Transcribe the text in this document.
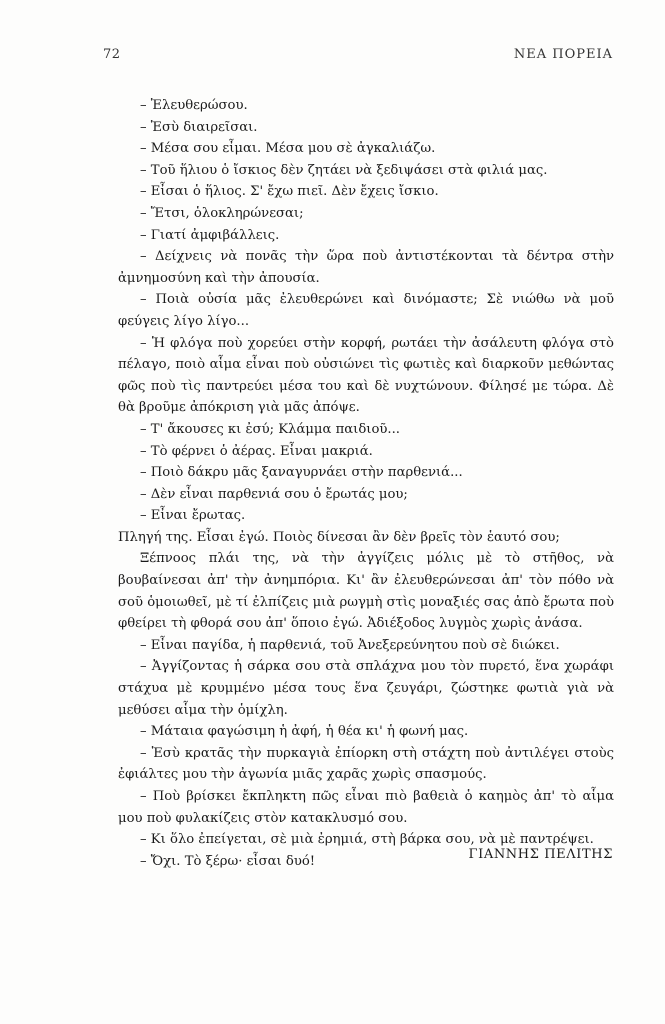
72	ΝΕΑ ΠΟΡΕΙΑ

– Ἐλευθερώσου.

– Ἐσὺ διαιρεῖσαι.

– Μέσα σου εἶμαι. Μέσα μου σὲ ἀγκαλιάζω.

– Τοῦ ἥλιου ὁ ἴσκιος δὲν ζητάει νὰ ξεδιψάσει στὰ φιλιά μας.

– Εἶσαι ὁ ἥλιος. Σ' ἔχω πιεῖ. Δὲν ἔχεις ἴσκιο.

– Ἔτσι, ὁλοκληρώνεσαι;

– Γιατί ἀμφιβάλλεις.

– Δείχνεις νὰ πονᾶς τὴν ὥρα ποὺ ἀντιστέκονται τὰ δέντρα στὴν ἀμνημοσύνη καὶ τὴν ἀπουσία.

– Ποιὰ οὐσία μᾶς ἐλευθερώνει καὶ δινόμαστε; Σὲ νιώθω νὰ μοῦ φεύγεις λίγο λίγο...

– Ἡ φλόγα ποὺ χορεύει στὴν κορφή, ρωτάει τὴν ἀσάλευτη φλόγα στὸ πέλαγο, ποιὸ αἷμα εἶναι ποὺ οὐσιώνει τὶς φωτιὲς καὶ διαρκοῦν μεθώντας φῶς ποὺ τὶς παντρεύει μέσα του καὶ δὲ νυχτώνουν. Φίλησέ με τώρα. Δὲ θὰ βροῦμε ἀπόκριση γιὰ μᾶς ἀπόψε.

– Τ' ἄκουσες κι ἐσύ; Κλάμμα παιδιοῦ...

– Τὸ φέρνει ὁ ἀέρας. Εἶναι μακριά.

– Ποιὸ δάκρυ μᾶς ξαναγυρνάει στὴν παρθενιά...

– Δὲν εἶναι παρθενιά σου ὁ ἔρωτάς μου;

– Εἶναι ἔρωτας.

Πληγή της. Εἶσαι ἐγώ. Ποιὸς δίνεσαι ἂν δὲν βρεῖς τὸν ἑαυτό σου;

Ξέπνοος πλάι της, νὰ τὴν ἀγγίζεις μόλις μὲ τὸ στῆθος, νὰ βουβαίνεσαι ἀπ' τὴν ἀνημπόρια. Κι' ἂν ἐλευθερώνεσαι ἀπ' τὸν πόθο νὰ σοῦ ὁμοιωθεῖ, μὲ τί ἐλπίζεις μιὰ ρωγμὴ στὶς μοναξιές σας ἀπὸ ἔρωτα ποὺ φθείρει τὴ φθορά σου ἀπ' ὅποιο ἐγώ. Ἀδιέξοδος λυγμὸς χωρὶς ἀνάσα.

– Εἶναι παγίδα, ἡ παρθενιά, τοῦ Ἀνεξερεύνητου ποὺ σὲ διώκει.

– Ἀγγίζοντας ἡ σάρκα σου στὰ σπλάχνα μου τὸν πυρετό, ἕνα χωράφι στάχυα μὲ κρυμμένο μέσα τους ἕνα ζευγάρι, ζώστηκε φωτιὰ γιὰ νὰ μεθύσει αἷμα τὴν ὁμίχλη.

– Μάταια φαγώσιμη ἡ ἀφή, ἡ θέα κι' ἡ φωνή μας.

– Ἐσὺ κρατᾶς τὴν πυρκαγιὰ ἐπίορκη στὴ στάχτη ποὺ ἀντιλέγει στοὺς ἐφιάλτες μου τὴν ἀγωνία μιᾶς χαρᾶς χωρὶς σπασμούς.

– Ποὺ βρίσκει ἔκπληκτη πῶς εἶναι πιὸ βαθειὰ ὁ καημὸς ἀπ' τὸ αἷμα μου ποὺ φυλακίζεις στὸν κατακλυσμό σου.

– Κι ὅλο ἐπείγεται, σὲ μιὰ ἐρημιά, στὴ βάρκα σου, νὰ μὲ παντρέψει.

– Ὄχι. Τὸ ξέρω· εἶσαι δυό!	ΓΙΑΝΝΗΣ ΠΕΛΙΤΗΣ
